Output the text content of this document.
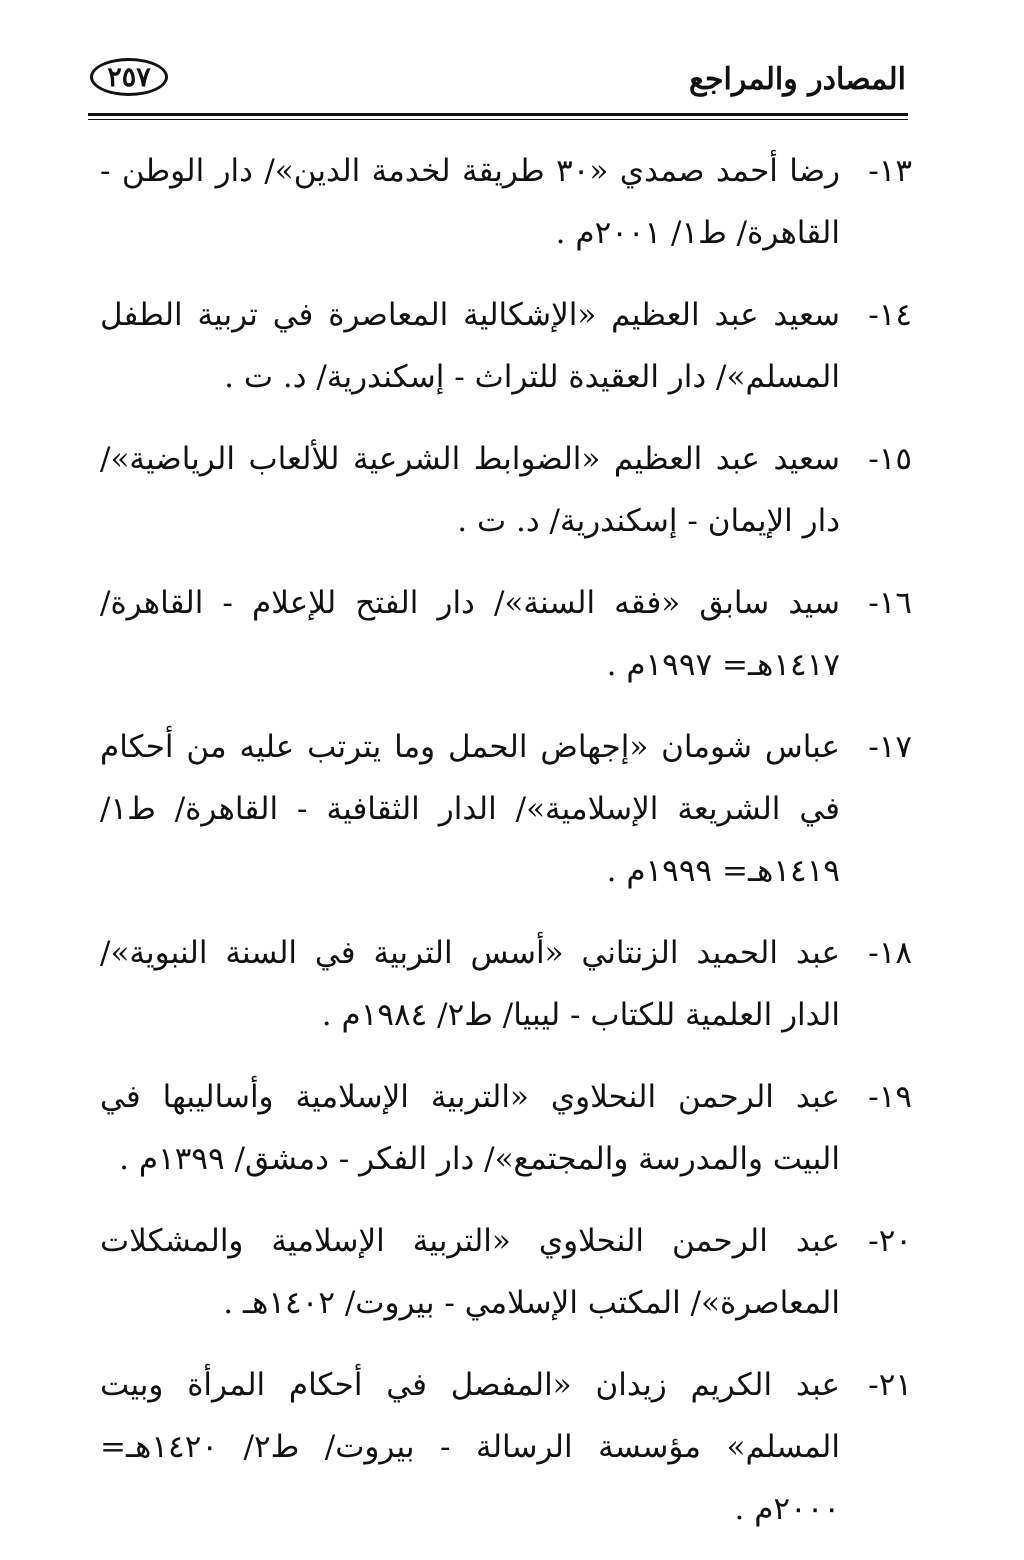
المصادر والمراجع
٢٥٧
١٣-
رضا أحمد صمدي «٣٠ طريقة لخدمة الدين»/ دار الوطن - القاهرة/ ط١/ ٢٠٠١م .
١٤-
سعيد عبد العظيم «الإشكالية المعاصرة في تربية الطفل المسلم»/ دار العقيدة للتراث - إسكندرية/ د. ت .
١٥-
سعيد عبد العظيم «الضوابط الشرعية للألعاب الرياضية»/ دار الإيمان - إسكندرية/ د. ت .
١٦-
سيد سابق «فقه السنة»/ دار الفتح للإعلام - القاهرة/ ١٤١٧هـ= ١٩٩٧م .
١٧-
عباس شومان «إجهاض الحمل وما يترتب عليه من أحكام في الشريعة الإسلامية»/ الدار الثقافية - القاهرة/ ط١/ ١٤١٩هـ= ١٩٩٩م .
١٨-
عبد الحميد الزنتاني «أسس التربية في السنة النبوية»/ الدار العلمية للكتاب - ليبيا/ ط٢/ ١٩٨٤م .
١٩-
عبد الرحمن النحلاوي «التربية الإسلامية وأساليبها في البيت والمدرسة والمجتمع»/ دار الفكر - دمشق/ ١٣٩٩م .
٢٠-
عبد الرحمن النحلاوي «التربية الإسلامية والمشكلات المعاصرة»/ المكتب الإسلامي - بيروت/ ١٤٠٢هـ .
٢١-
عبد الكريم زيدان «المفصل في أحكام المرأة وبيت المسلم» مؤسسة الرسالة - بيروت/ ط٢/ ١٤٢٠هـ= ٢٠٠٠م .
